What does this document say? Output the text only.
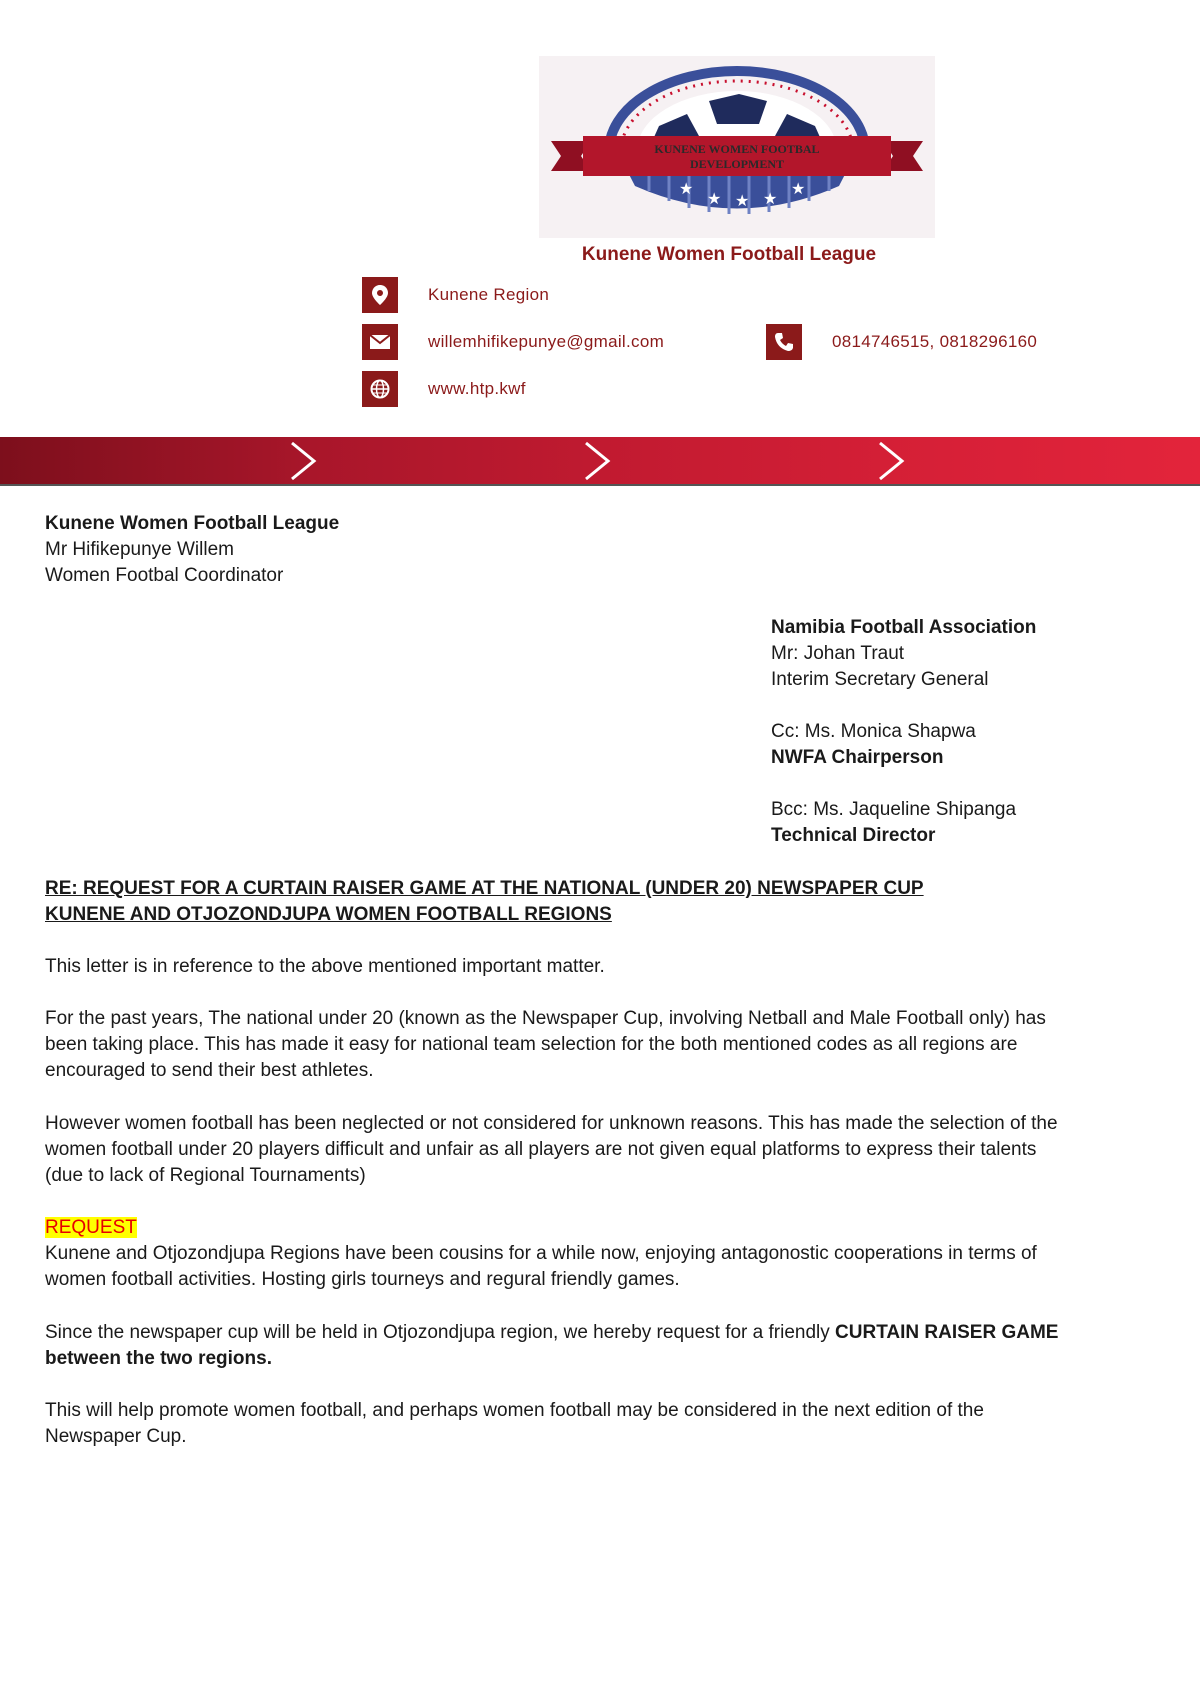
★
★ ★ ★
★
KUNENE WOMEN FOOTBAL
DEVELOPMENT
Kunene Women Football League
Kunene Region
willemhifikepunye@gmail.com	0814746515, 0818296160
www.htp.kwf

Kunene Women Football League

Mr Hifikepunye Willem

Women Footbal Coordinator

Namibia Football Association

Mr: Johan Traut

Interim Secretary General

Cc: Ms. Monica Shapwa

NWFA Chairperson

Bcc: Ms. Jaqueline Shipanga

Technical Director

RE: REQUEST FOR A CURTAIN RAISER GAME AT THE NATIONAL (UNDER 20) NEWSPAPER CUP

KUNENE AND OTJOZONDJUPA WOMEN FOOTBALL REGIONS

This letter is in reference to the above mentioned important matter.
For the past years, The national under 20 (known as the Newspaper Cup, involving Netball and Male Football only) has been taking place. This has made it easy for national team selection for the both mentioned codes as all regions are encouraged to send their best athletes.
However women football has been neglected or not considered for unknown reasons. This has made the selection of the women football under 20 players difficult and unfair as all players are not given equal platforms to express their talents (due to lack of Regional Tournaments)

REQUEST

Kunene and Otjozondjupa Regions have been cousins for a while now, enjoying antagonostic cooperations in terms of women football activities. Hosting girls tourneys and regural friendly games.

Since the newspaper cup will be held in Otjozondjupa region, we hereby request for a friendly CURTAIN RAISER GAME between the two regions.
This will help promote women football, and perhaps women football may be considered in the next edition of the Newspaper Cup.
